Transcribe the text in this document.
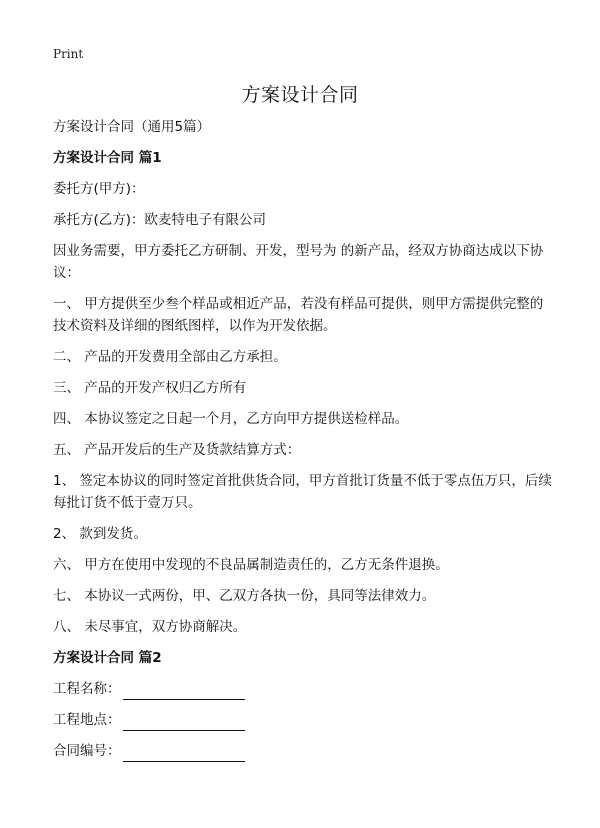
Print
方案设计合同

方案设计合同（通用5篇）

方案设计合同 篇1

委托方(甲方)：

承托方(乙方)：欧麦特电子有限公司

因业务需要，甲方委托乙方研制、开发，型号为 的新产品，经双方协商达成以下协议：

一、 甲方提供至少叁个样品或相近产品，若没有样品可提供，则甲方需提供完整的技术资料及详细的图纸图样，以作为开发依据。

二、 产品的开发费用全部由乙方承担。

三、 产品的开发产权归乙方所有

四、 本协议签定之日起一个月，乙方向甲方提供送检样品。

五、 产品开发后的生产及货款结算方式：

1、 签定本协议的同时签定首批供货合同，甲方首批订货量不低于零点伍万只，后续每批订货不低于壹万只。

2、 款到发货。

六、 甲方在使用中发现的不良品属制造责任的，乙方无条件退换。

七、 本协议一式两份，甲、乙双方各执一份，具同等法律效力。

八、 未尽事宜，双方协商解决。

方案设计合同 篇2

工程名称：
工程地点：
合同编号：
